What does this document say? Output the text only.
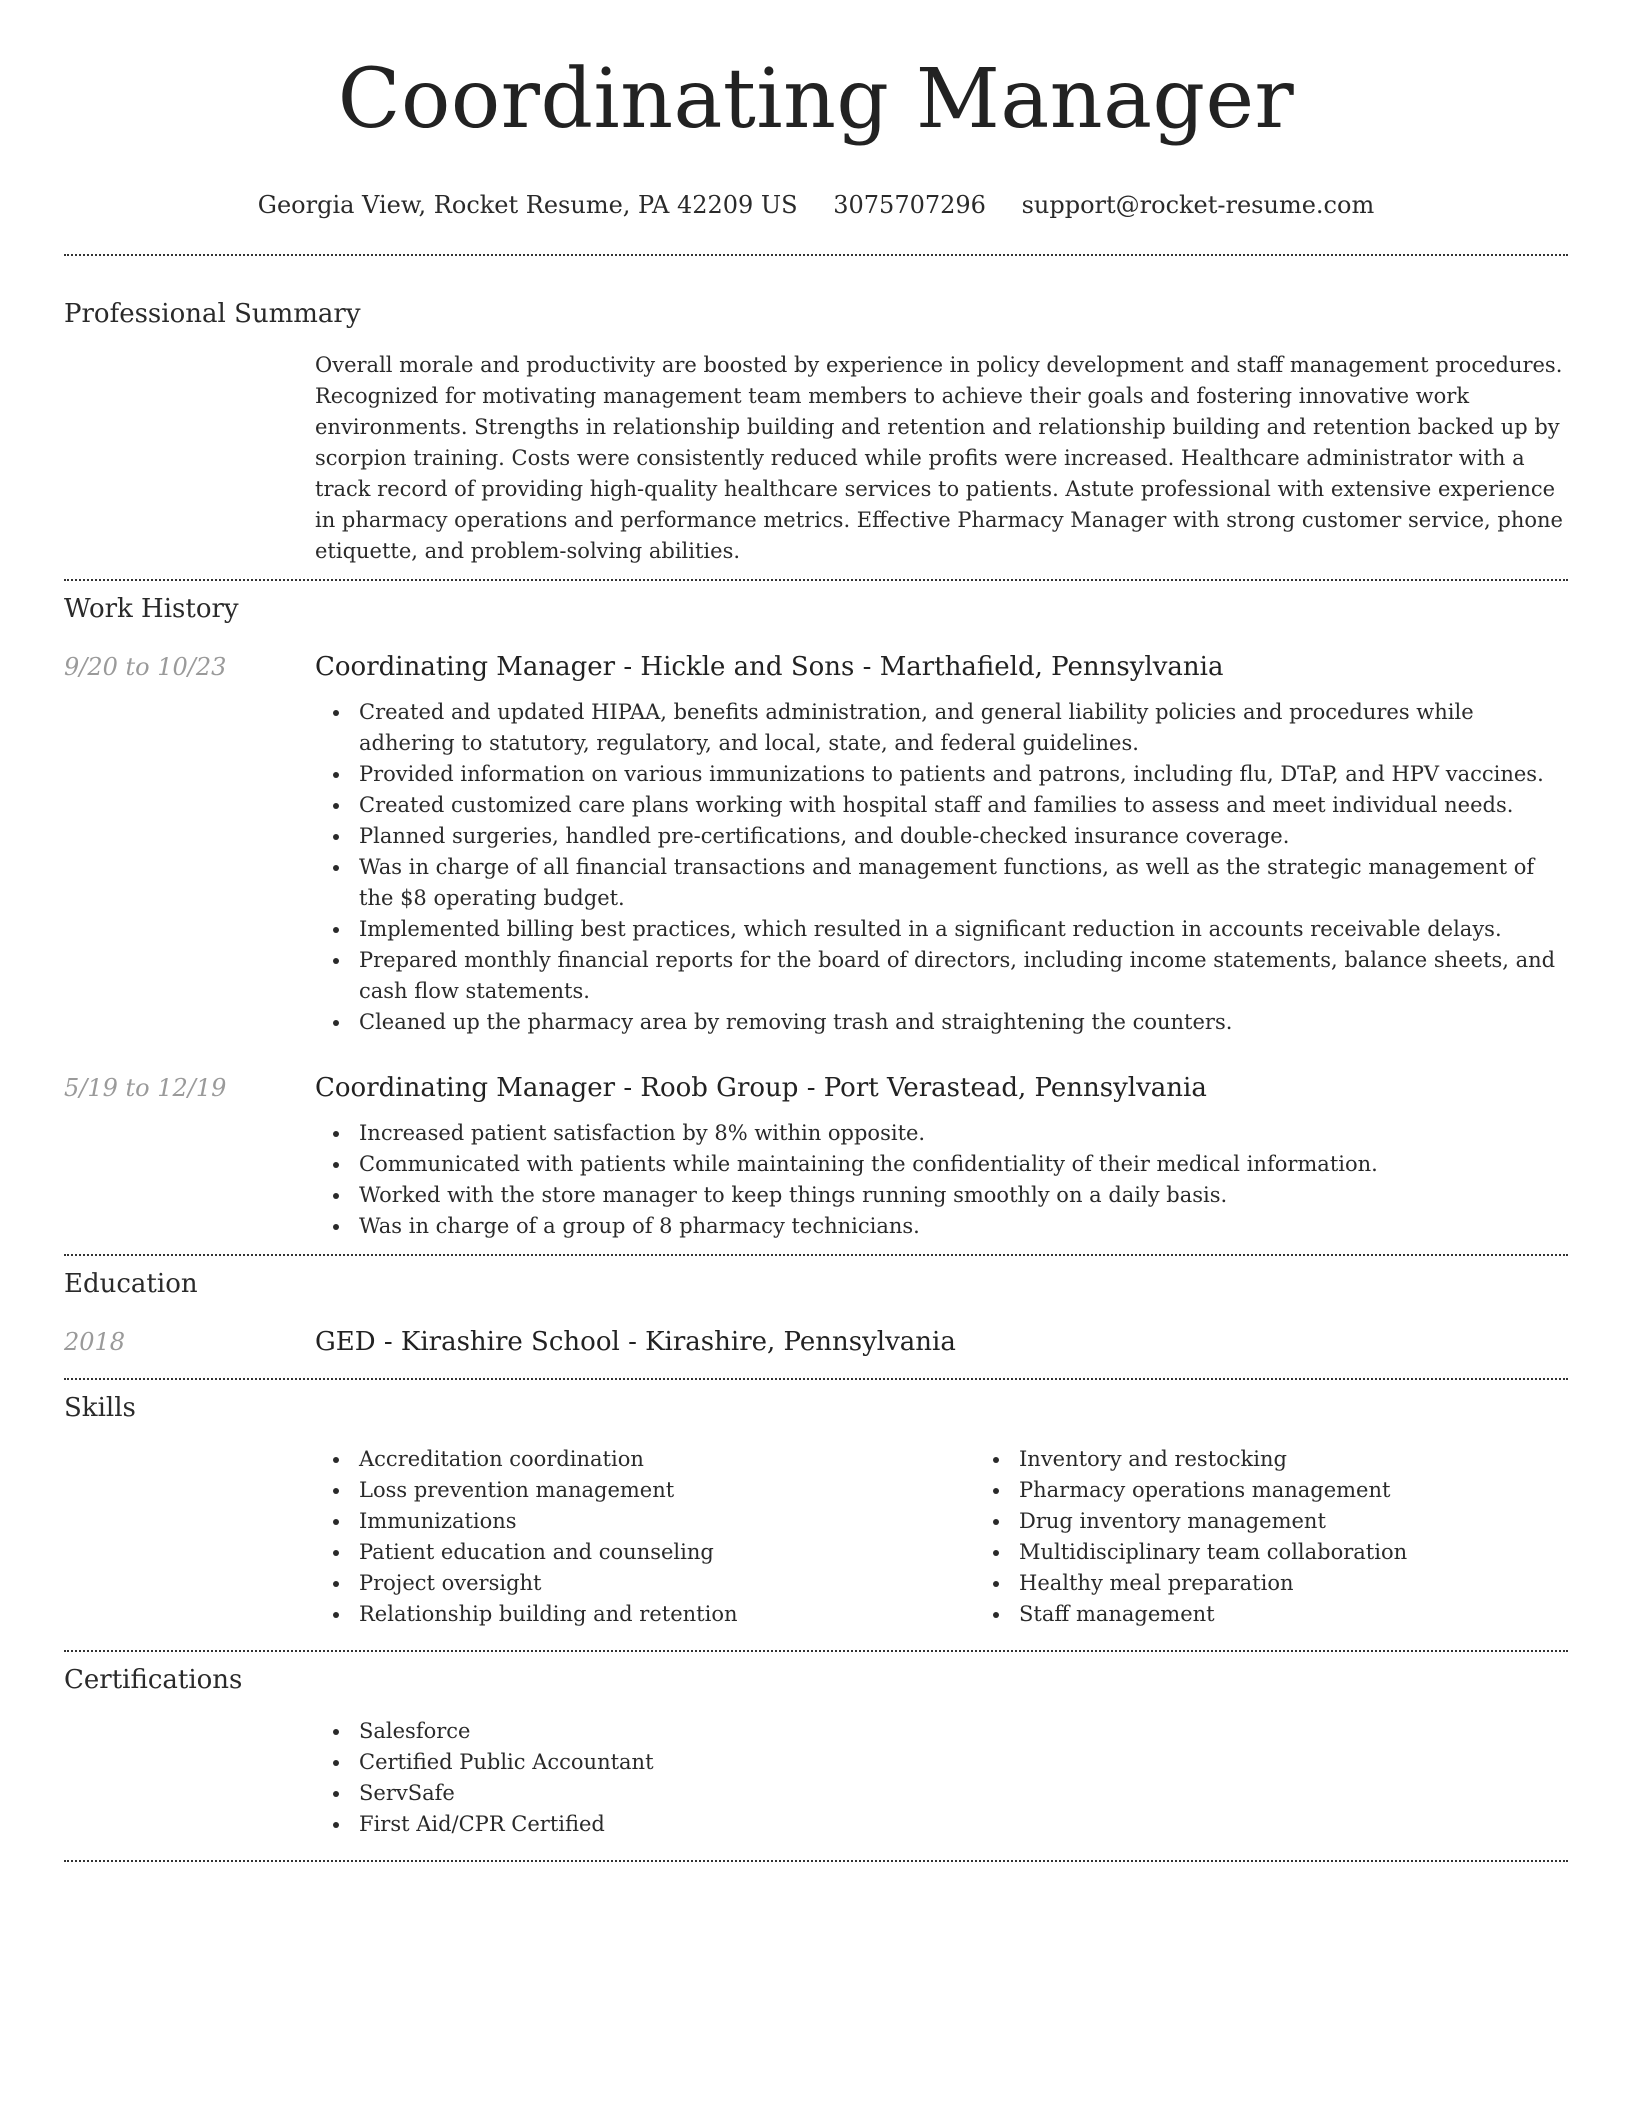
Coordinating Manager
Georgia View, Rocket Resume, PA 42209 US 3075707296 support@rocket-resume.com
Professional Summary
Overall morale and productivity are boosted by experience in policy development and staff management procedures. Recognized for motivating management team members to achieve their goals and fostering innovative work environments. Strengths in relationship building and retention and relationship building and retention backed up by scorpion training. Costs were consistently reduced while profits were increased. Healthcare administrator with a track record of providing high-quality healthcare services to patients. Astute professional with extensive experience in pharmacy operations and performance metrics. Effective Pharmacy Manager with strong customer service, phone etiquette, and problem-solving abilities.
Work History
9/20 to 10/23	Coordinating Manager - Hickle and Sons - Marthafield, Pennsylvania
Created and updated HIPAA, benefits administration, and general liability policies and procedures while adhering to statutory, regulatory, and local, state, and federal guidelines.
Provided information on various immunizations to patients and patrons, including flu, DTaP, and HPV vaccines.
Created customized care plans working with hospital staff and families to assess and meet individual needs.
Planned surgeries, handled pre-certifications, and double-checked insurance coverage.
Was in charge of all financial transactions and management functions, as well as the strategic management of the $8 operating budget.
Implemented billing best practices, which resulted in a significant reduction in accounts receivable delays.
Prepared monthly financial reports for the board of directors, including income statements, balance sheets, and cash flow statements.
Cleaned up the pharmacy area by removing trash and straightening the counters.
5/19 to 12/19	Coordinating Manager - Roob Group - Port Verastead, Pennsylvania
Increased patient satisfaction by 8% within opposite.
Communicated with patients while maintaining the confidentiality of their medical information.
Worked with the store manager to keep things running smoothly on a daily basis.
Was in charge of a group of 8 pharmacy technicians.
Education
2018	GED - Kirashire School - Kirashire, Pennsylvania
Skills
Accreditation coordination
Loss prevention management
Immunizations
Patient education and counseling
Project oversight
Relationship building and retention
Inventory and restocking
Pharmacy operations management
Drug inventory management
Multidisciplinary team collaboration
Healthy meal preparation
Staff management
Certifications
Salesforce
Certified Public Accountant
ServSafe
First Aid/CPR Certified
